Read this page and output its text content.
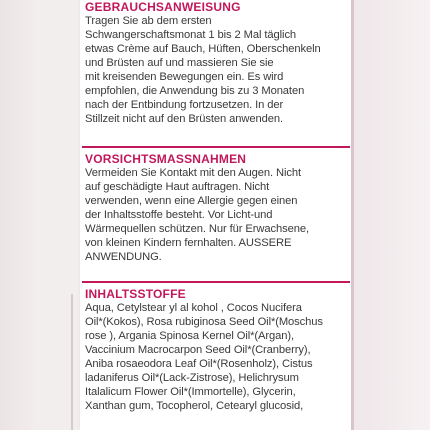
GEBRAUCHSANWEISUNG
Tragen Sie ab dem ersten
Schwangerschaftsmonat 1 bis 2 Mal täglich
etwas Crème auf Bauch, Hüften, Oberschenkeln
und Brüsten auf und massieren Sie sie
mit kreisenden Bewegungen ein. Es wird
empfohlen, die Anwendung bis zu 3 Monaten
nach der Entbindung fortzusetzen. In der
Stillzeit nicht auf den Brüsten anwenden.
VORSICHTSMASSNAHMEN
Vermeiden Sie Kontakt mit den Augen. Nicht
auf geschädigte Haut auftragen. Nicht
verwenden, wenn eine Allergie gegen einen
der Inhaltsstoffe besteht. Vor Licht-und
Wärmequellen schützen. Nur für Erwachsene,
von kleinen Kindern fernhalten. AUSSERE
ANWENDUNG.
INHALTSSTOFFE
Aqua, Cetylstear yl al kohol , Cocos Nucifera
Oil*(Kokos), Rosa rubiginosa Seed Oil*(Moschus
rose ), Argania Spinosa Kernel Oil*(Argan),
Vaccinium Macrocarpon Seed Oil*(Cranberry),
Aniba rosaeodora Leaf Oil*(Rosenholz), Cistus
ladaniferus Oil*(Lack-Zistrose), Helichrysum
Italalicum Flower Oil*(Immortelle), Glycerin,
Xanthan gum, Tocopherol, Cetearyl glucosid,
